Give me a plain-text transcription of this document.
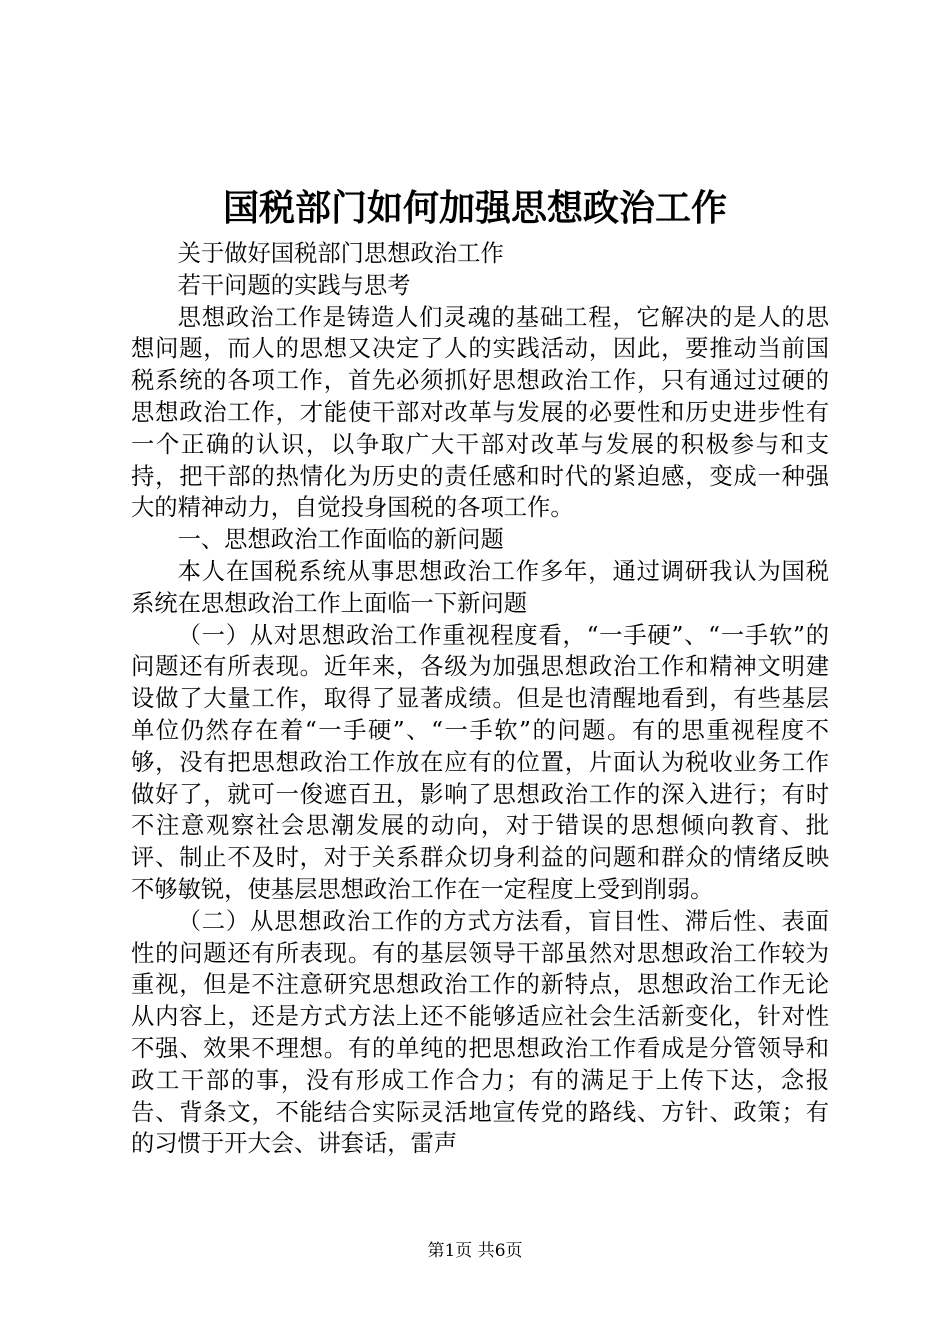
国税部门如何加强思想政治工作

关于做好国税部门思想政治工作

若干问题的实践与思考

思想政治工作是铸造人们灵魂的基础工程，它解决的是人的思想问题，而人的思想又决定了人的实践活动，因此，要推动当前国税系统的各项工作，首先必须抓好思想政治工作，只有通过过硬的思想政治工作，才能使干部对改革与发展的必要性和历史进步性有一个正确的认识，以争取广大干部对改革与发展的积极参与和支持，把干部的热情化为历史的责任感和时代的紧迫感，变成一种强大的精神动力，自觉投身国税的各项工作。

一、思想政治工作面临的新问题

本人在国税系统从事思想政治工作多年，通过调研我认为国税系统在思想政治工作上面临一下新问题

（一）从对思想政治工作重视程度看，“一手硬”、“一手软”的问题还有所表现。近年来，各级为加强思想政治工作和精神文明建设做了大量工作，取得了显著成绩。但是也清醒地看到，有些基层单位仍然存在着“一手硬”、“一手软”的问题。有的思重视程度不够，没有把思想政治工作放在应有的位置，片面认为税收业务工作做好了，就可一俊遮百丑，影响了思想政治工作的深入进行；有时不注意观察社会思潮发展的动向，对于错误的思想倾向教育、批评、制止不及时，对于关系群众切身利益的问题和群众的情绪反映不够敏锐，使基层思想政治工作在一定程度上受到削弱。

（二）从思想政治工作的方式方法看，盲目性、滞后性、表面性的问题还有所表现。有的基层领导干部虽然对思想政治工作较为重视，但是不注意研究思想政治工作的新特点，思想政治工作无论从内容上，还是方式方法上还不能够适应社会生活新变化，针对性不强、效果不理想。有的单纯的把思想政治工作看成是分管领导和政工干部的事，没有形成工作合力；有的满足于上传下达，念报告、背条文，不能结合实际灵活地宣传党的路线、方针、政策；有的习惯于开大会、讲套话，雷声

第1页 共6页
